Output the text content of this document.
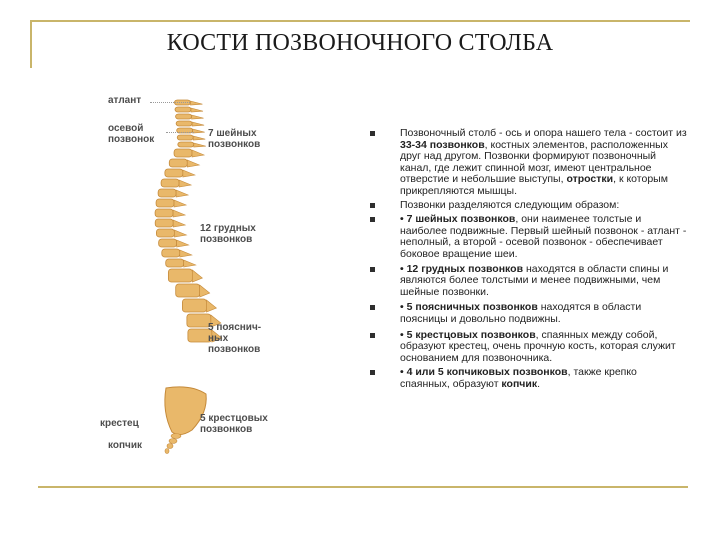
КОСТИ ПОЗВОНОЧНОГО СТОЛБА
атлант
осевой
позвонок
7 шейных
позвонков
12 грудных
позвонков
5 пояснич-
ных
позвонков
крестец	5 крестцовых
позвонков
копчик
Позвоночный столб - ось и опора нашего тела - состоит из 33-34 позвонков, костных элементов, расположенных друг над другом. Позвонки формируют позвоночный канал, где лежит спинной мозг, имеют центральное отверстие и небольшие выступы, отростки, к которым прикрепляются мышцы.
Позвонки разделяются следующим образом:
• 7 шейных позвонков, они наименее толстые и наиболее подвижные. Первый шейный позвонок - атлант - неполный, а второй - осевой позвонок - обеспечивает боковое вращение шеи.
• 12 грудных позвонков находятся в области спины и являются более толстыми и менее подвижными, чем шейные позвонки.
• 5 поясничных позвонков находятся в области поясницы и довольно подвижны.
• 5 крестцовых позвонков, спаянных между собой, образуют крестец, очень прочную кость, которая служит основанием для позвоночника.
• 4 или 5 копчиковых позвонков, также крепко спаянных, образуют копчик.
